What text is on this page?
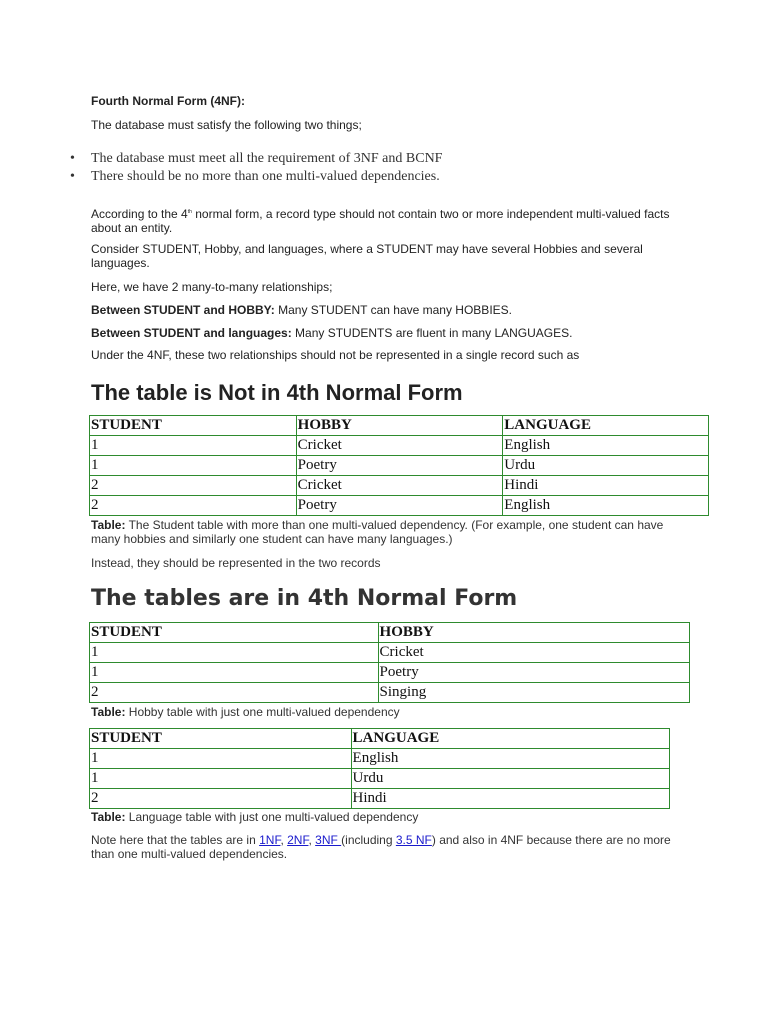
Fourth Normal Form (4NF):
The database must satisfy the following two things;
• The database must meet all the requirement of 3NF and BCNF
• There should be no more than one multi-valued dependencies.
According to the 4th normal form, a record type should not contain two or more independent multi-valued facts about an entity.
Consider STUDENT, Hobby, and languages, where a STUDENT may have several Hobbies and several languages.
Here, we have 2 many-to-many relationships;
Between STUDENT and HOBBY: Many STUDENT can have many HOBBIES.
Between STUDENT and languages: Many STUDENTS are fluent in many LANGUAGES.
Under the 4NF, these two relationships should not be represented in a single record such as
The table is Not in 4th Normal Form
STUDENT	HOBBY	LANGUAGE
1	Cricket	English
1	Poetry	Urdu
2	Cricket	Hindi
2	Poetry	English
Table: The Student table with more than one multi-valued dependency. (For example, one student can have many hobbies and similarly one student can have many languages.)
Instead, they should be represented in the two records
The tables are in 4th Normal Form
STUDENT	HOBBY
1	Cricket
1	Poetry
2	Singing
Table: Hobby table with just one multi-valued dependency
STUDENT	LANGUAGE
1	English
1	Urdu
2	Hindi
Table: Language table with just one multi-valued dependency
Note here that the tables are in 1NF, 2NF, 3NF (including 3.5 NF) and also in 4NF because there are no more than one multi-valued dependencies.
